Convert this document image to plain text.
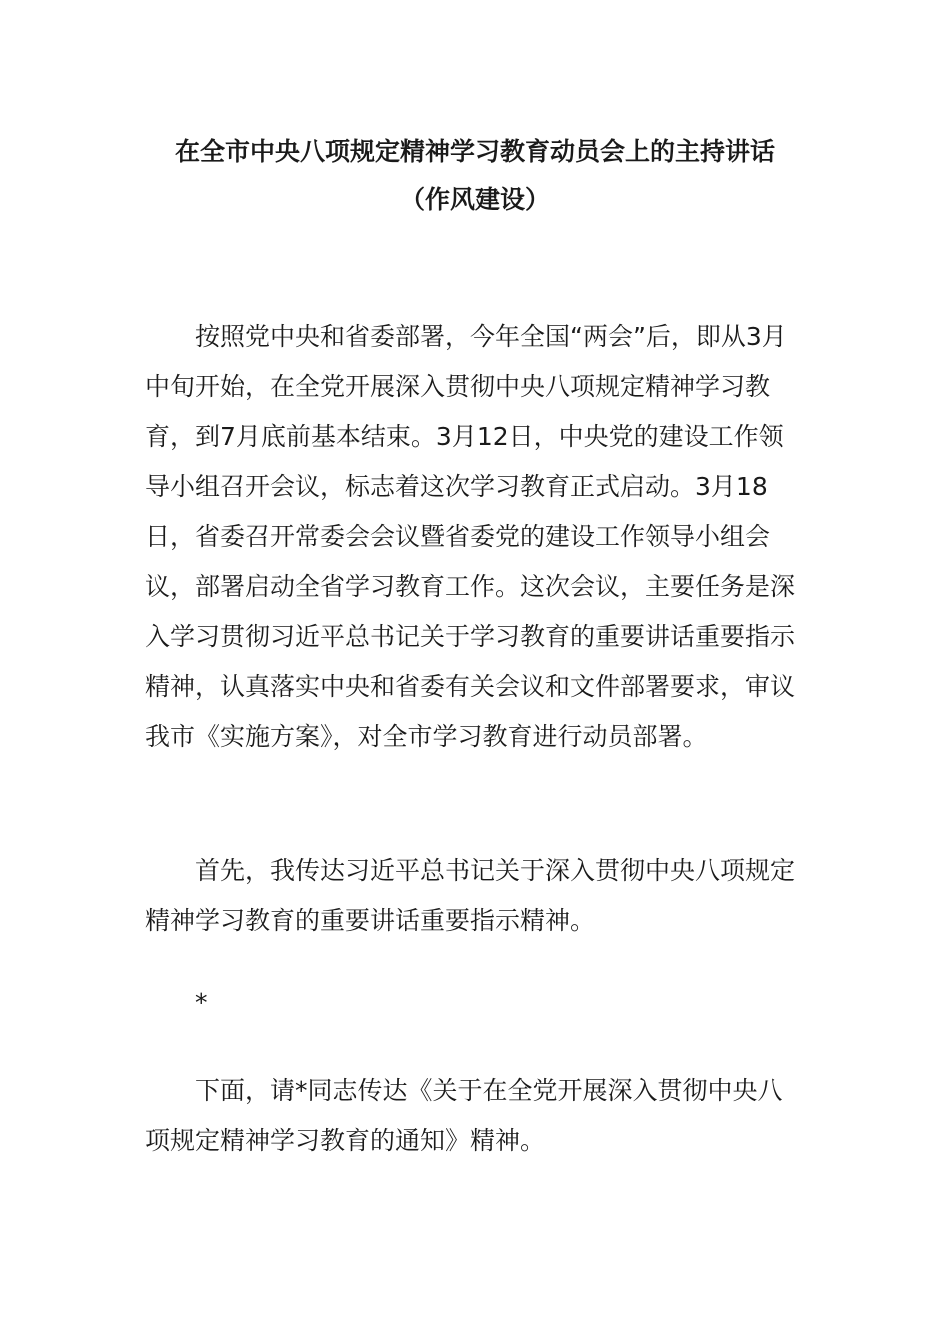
在全市中央八项规定精神学习教育动员会上的主持讲话
（作风建设）

按照党中央和省委部署，今年全国“两会”后，即从3月中旬开始，在全党开展深入贯彻中央八项规定精神学习教育，到7月底前基本结束。3月12日，中央党的建设工作领导小组召开会议，标志着这次学习教育正式启动。3月18日，省委召开常委会会议暨省委党的建设工作领导小组会议，部署启动全省学习教育工作。这次会议，主要任务是深入学习贯彻习近平总书记关于学习教育的重要讲话重要指示精神，认真落实中央和省委有关会议和文件部署要求，审议我市《实施方案》，对全市学习教育进行动员部署。

首先，我传达习近平总书记关于深入贯彻中央八项规定精神学习教育的重要讲话重要指示精神。

*

下面，请*同志传达《关于在全党开展深入贯彻中央八项规定精神学习教育的通知》精神。
